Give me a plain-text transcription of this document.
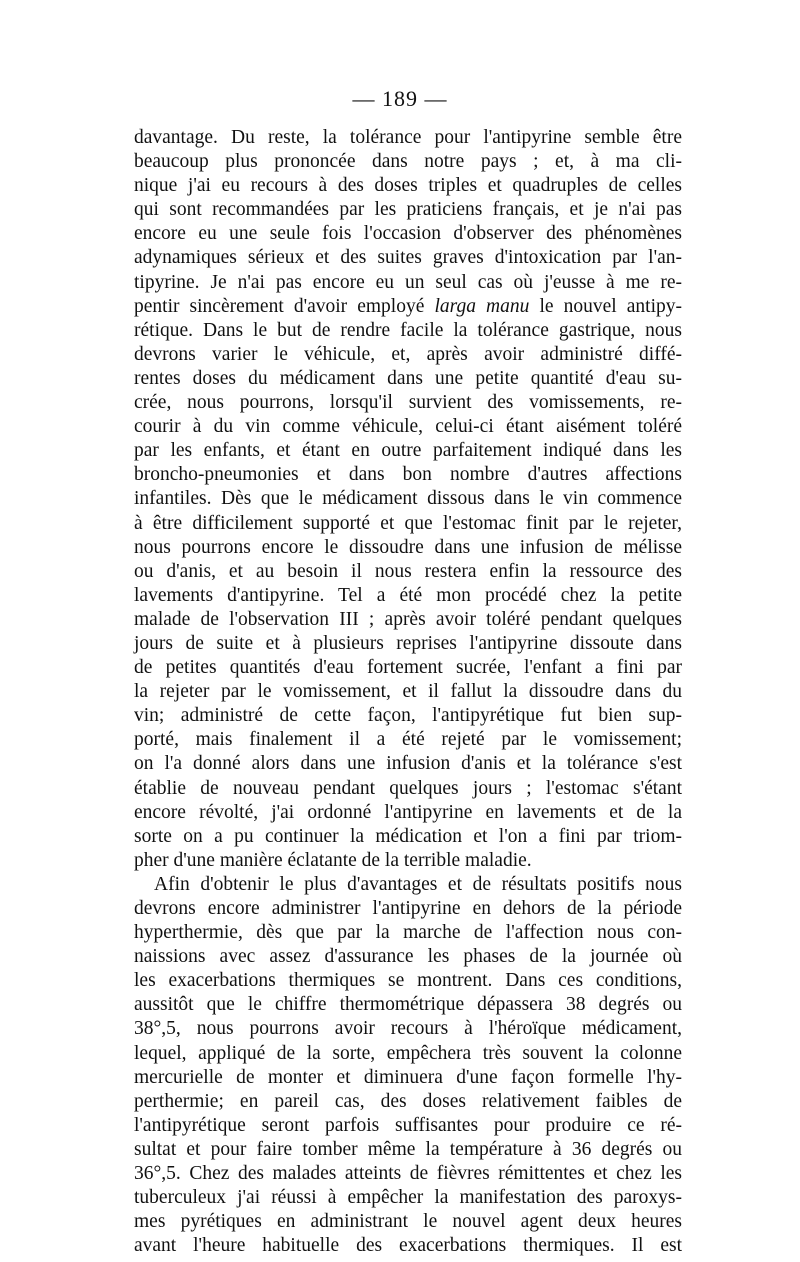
— 189 —
davantage. Du reste, la tolérance pour l'antipyrine semble être
beaucoup plus prononcée dans notre pays ; et, à ma cli-
nique j'ai eu recours à des doses triples et quadruples de celles
qui sont recommandées par les praticiens français, et je n'ai pas
encore eu une seule fois l'occasion d'observer des phénomènes
adynamiques sérieux et des suites graves d'intoxication par l'an-
tipyrine. Je n'ai pas encore eu un seul cas où j'eusse à me re-
pentir sincèrement d'avoir employé larga manu le nouvel antipy-
rétique. Dans le but de rendre facile la tolérance gastrique, nous
devrons varier le véhicule, et, après avoir administré diffé-
rentes doses du médicament dans une petite quantité d'eau su-
crée, nous pourrons, lorsqu'il survient des vomissements, re-
courir à du vin comme véhicule, celui-ci étant aisément toléré
par les enfants, et étant en outre parfaitement indiqué dans les
broncho-pneumonies et dans bon nombre d'autres affections
infantiles. Dès que le médicament dissous dans le vin commence
à être difficilement supporté et que l'estomac finit par le rejeter,
nous pourrons encore le dissoudre dans une infusion de mélisse
ou d'anis, et au besoin il nous restera enfin la ressource des
lavements d'antipyrine. Tel a été mon procédé chez la petite
malade de l'observation III ; après avoir toléré pendant quelques
jours de suite et à plusieurs reprises l'antipyrine dissoute dans
de petites quantités d'eau fortement sucrée, l'enfant a fini par
la rejeter par le vomissement, et il fallut la dissoudre dans du
vin; administré de cette façon, l'antipyrétique fut bien sup-
porté, mais finalement il a été rejeté par le vomissement;
on l'a donné alors dans une infusion d'anis et la tolérance s'est
établie de nouveau pendant quelques jours ; l'estomac s'étant
encore révolté, j'ai ordonné l'antipyrine en lavements et de la
sorte on a pu continuer la médication et l'on a fini par triom-
pher d'une manière éclatante de la terrible maladie.
Afin d'obtenir le plus d'avantages et de résultats positifs nous
devrons encore administrer l'antipyrine en dehors de la période
hyperthermie, dès que par la marche de l'affection nous con-
naissions avec assez d'assurance les phases de la journée où
les exacerbations thermiques se montrent. Dans ces conditions,
aussitôt que le chiffre thermométrique dépassera 38 degrés ou
38°,5, nous pourrons avoir recours à l'héroïque médicament,
lequel, appliqué de la sorte, empêchera très souvent la colonne
mercurielle de monter et diminuera d'une façon formelle l'hy-
perthermie; en pareil cas, des doses relativement faibles de
l'antipyrétique seront parfois suffisantes pour produire ce ré-
sultat et pour faire tomber même la température à 36 degrés ou
36°,5. Chez des malades atteints de fièvres rémittentes et chez les
tuberculeux j'ai réussi à empêcher la manifestation des paroxys-
mes pyrétiques en administrant le nouvel agent deux heures
avant l'heure habituelle des exacerbations thermiques. Il est
